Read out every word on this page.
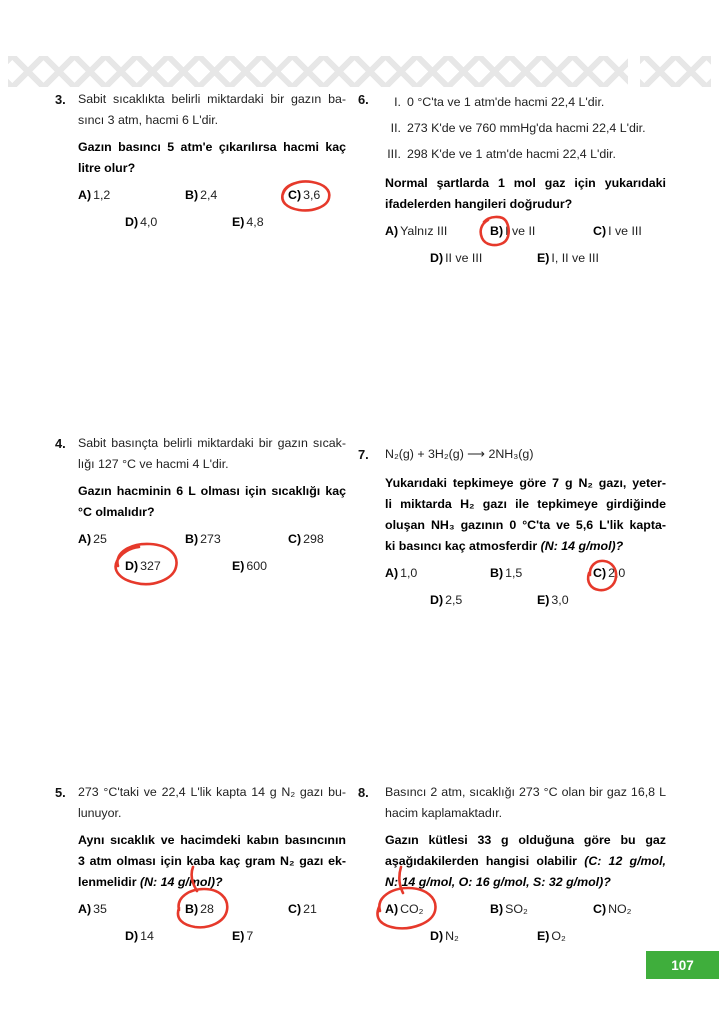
3. Sabit sıcaklıkta belirli miktardaki bir gazın ba-
sıncı 3 atm, hacmi 6 L'dir.
Gazın basıncı 5 atm'e çıkarılırsa hacmi kaç
litre olur?
A) 1,2	B) 2,4	C) 3,6
D) 4,0	E) 4,8
6.	I. 0 °C'ta ve 1 atm'de hacmi 22,4 L'dir.
II. 273 K'de ve 760 mmHg'da hacmi 22,4 L'dir.
III. 298 K'de ve 1 atm'de hacmi 22,4 L'dir.
Normal şartlarda 1 mol gaz için yukarıdaki
ifadelerden hangileri doğrudur?
A) Yalnız III	B) I ve II	C) I ve III
D) II ve III	E) I, II ve III
4. Sabit basınçta belirli miktardaki bir gazın sıcak-
lığı 127 °C ve hacmi 4 L'dir.
Gazın hacminin 6 L olması için sıcaklığı kaç
°C olmalıdır?
A) 25	B) 273	C) 298
D) 327	E) 600
7. N₂(g) + 3H₂(g) ⟶ 2NH₃(g)
Yukarıdaki tepkimeye göre 7 g N₂ gazı, yeter-
li miktarda H₂ gazı ile tepkimeye girdiğinde
oluşan NH₃ gazının 0 °C'ta ve 5,6 L'lik kapta-
ki basıncı kaç atmosferdir (N: 14 g/mol)?
A) 1,0	B) 1,5	C) 2,0
D) 2,5	E) 3,0
5. 273 °C'taki ve 22,4 L'lik kapta 14 g N₂ gazı bu-
lunuyor.
Aynı sıcaklık ve hacimdeki kabın basıncının
3 atm olması için kaba kaç gram N₂ gazı ek-
lenmelidir (N: 14 g/mol)?
A) 35	B) 28	C) 21
D) 14	E) 7
8. Basıncı 2 atm, sıcaklığı 273 °C olan bir gaz 16,8 L
hacim kaplamaktadır.
Gazın kütlesi 33 g olduğuna göre bu gaz
aşağıdakilerden hangisi olabilir (C: 12 g/mol,
N: 14 g/mol, O: 16 g/mol, S: 32 g/mol)?
A) CO₂	B) SO₂	C) NO₂
D) N₂	E) O₂
107
